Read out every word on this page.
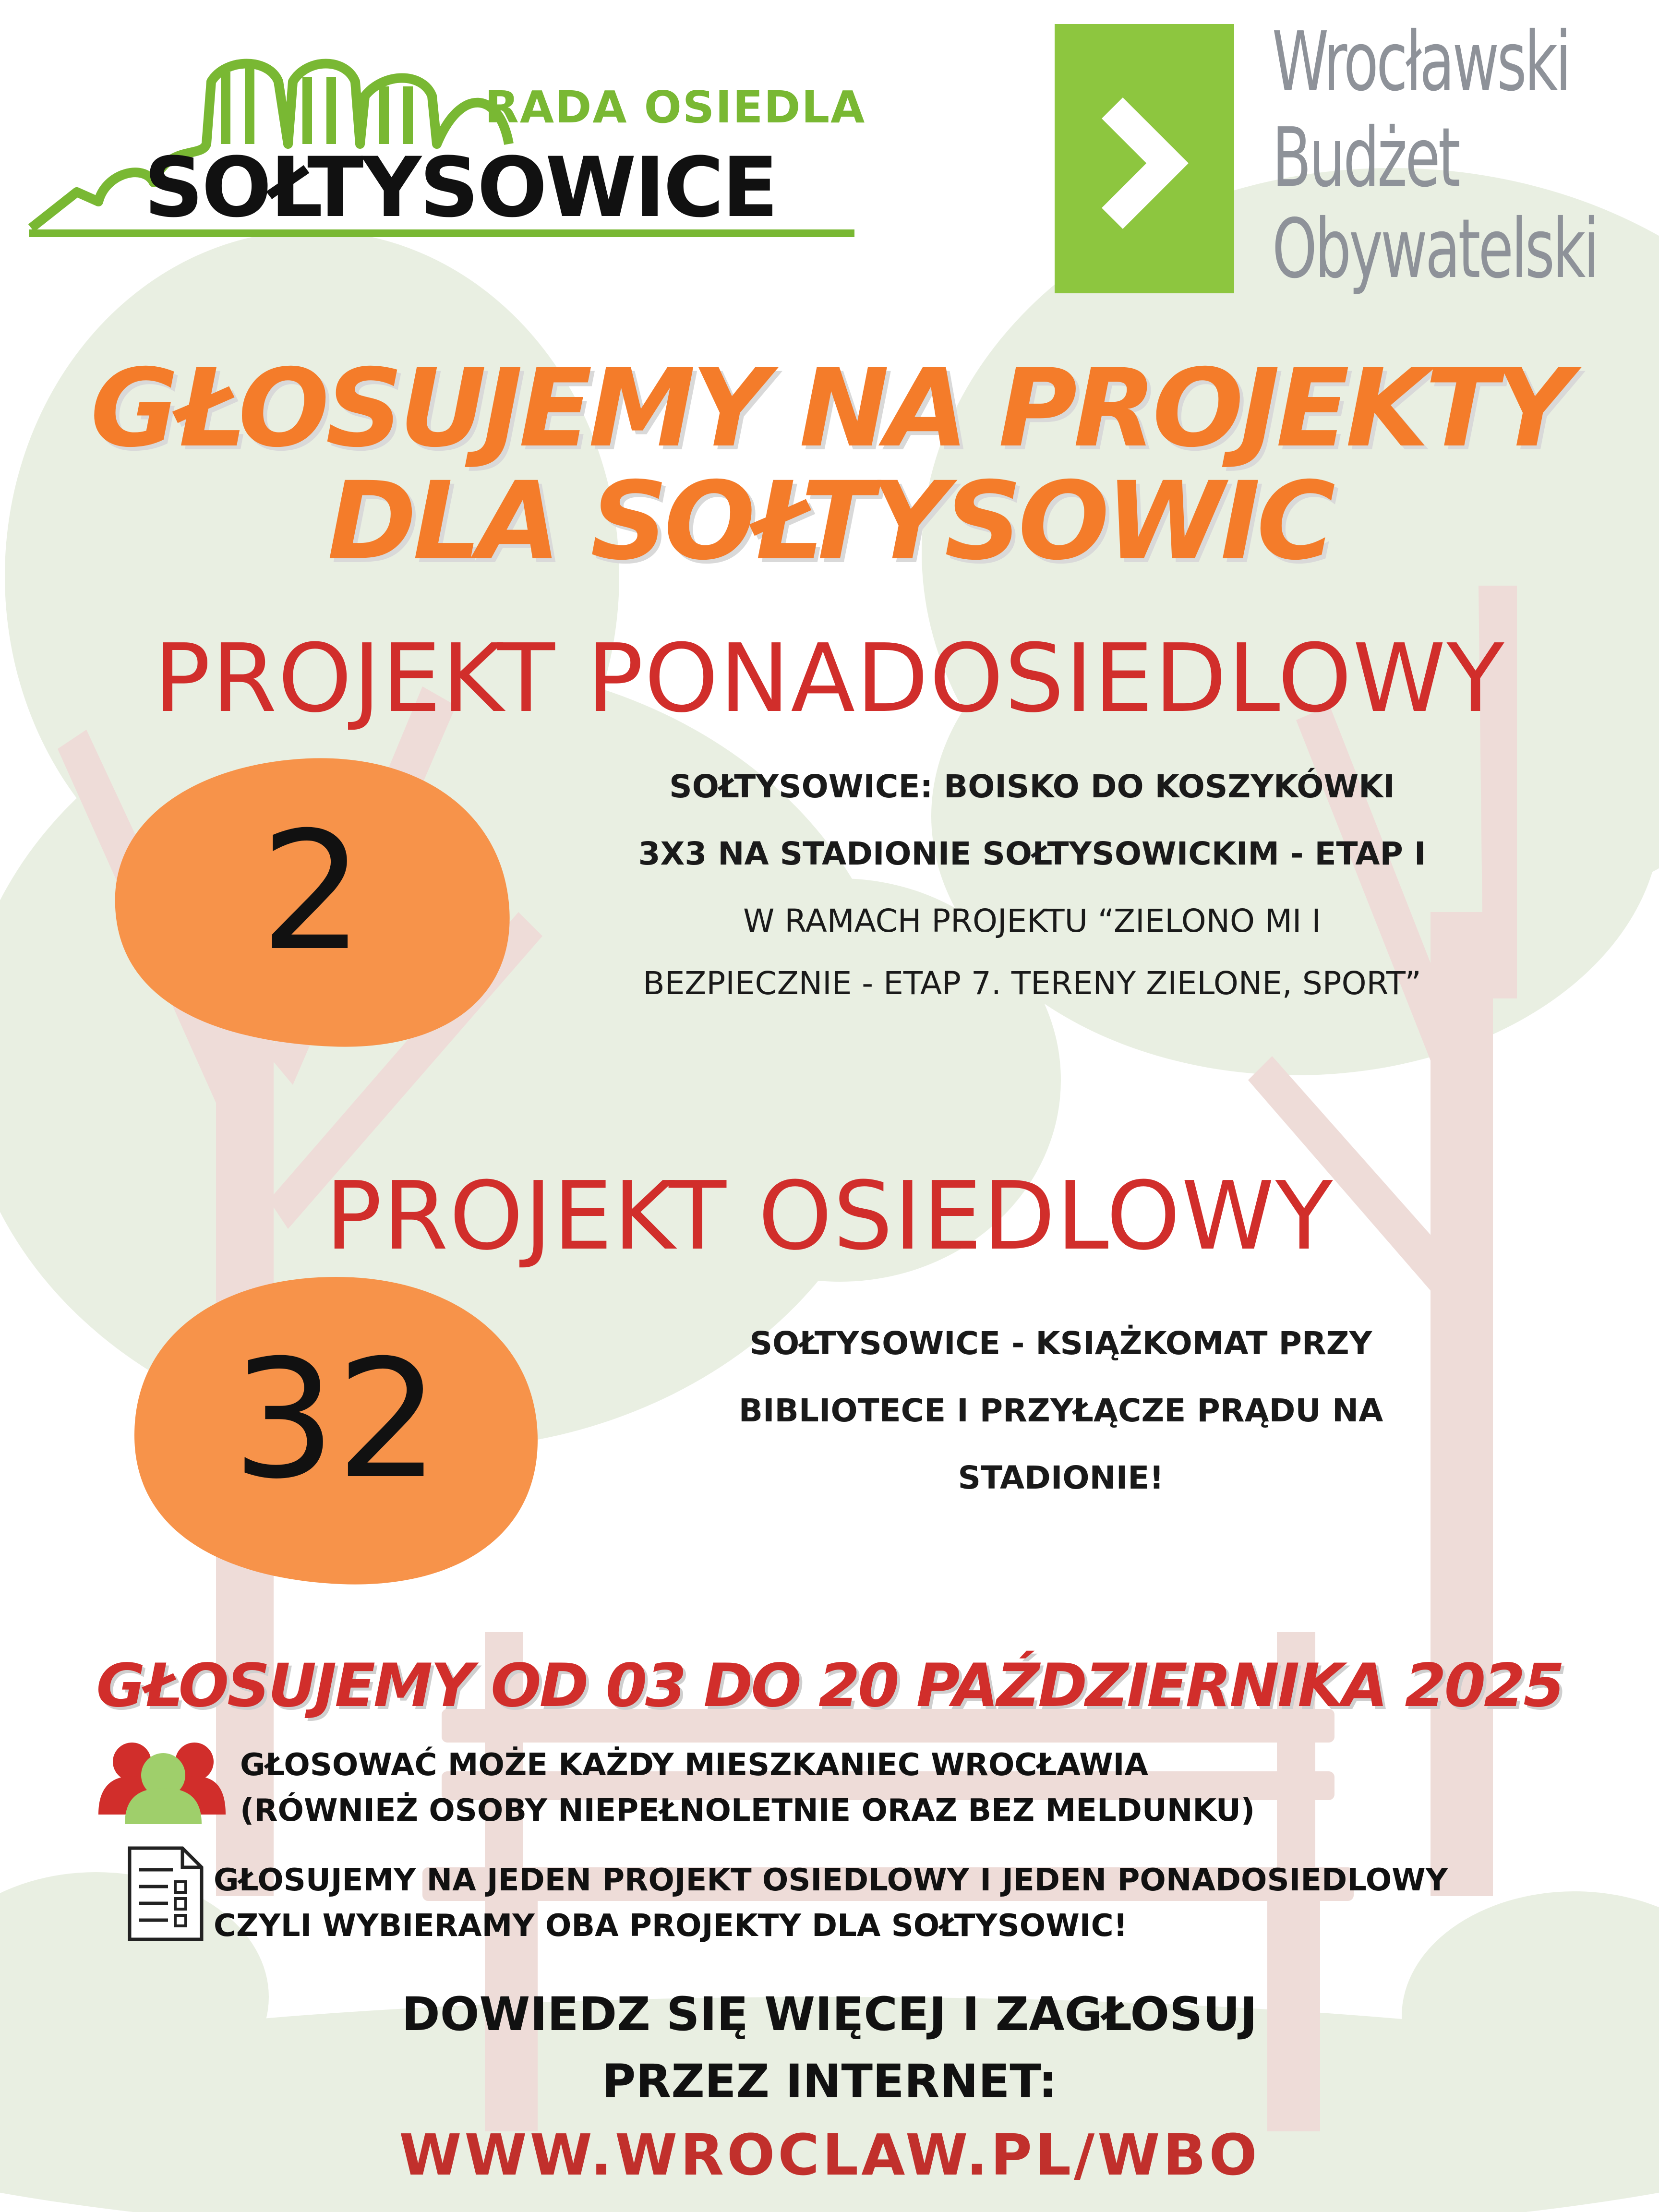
RADA OSIEDLA
SOŁTYSOWICE
Wrocławski
Budżet
Obywatelski
GŁOSUJEMY NA PROJEKTY
DLA SOŁTYSOWIC
PROJEKT PONADOSIEDLOWY
2
SOŁTYSOWICE: BOISKO DO KOSZYKÓWKI
3X3 NA STADIONIE SOŁTYSOWICKIM - ETAP I
W RAMACH PROJEKTU “ZIELONO MI I
BEZPIECZNIE - ETAP 7. TERENY ZIELONE, SPORT”
PROJEKT OSIEDLOWY
32	SOŁTYSOWICE - KSIĄŻKOMAT PRZY
BIBLIOTECE I PRZYŁĄCZE PRĄDU NA
STADIONIE!
GŁOSUJEMY OD 03 DO 20 PAŹDZIERNIKA 2025
GŁOSOWAĆ MOŻE KAŻDY MIESZKANIEC WROCŁAWIA
(RÓWNIEŻ OSOBY NIEPEŁNOLETNIE ORAZ BEZ MELDUNKU)
GŁOSUJEMY NA JEDEN PROJEKT OSIEDLOWY I JEDEN PONADOSIEDLOWY
CZYLI WYBIERAMY OBA PROJEKTY DLA SOŁTYSOWIC!
DOWIEDZ SIĘ WIĘCEJ I ZAGŁOSUJ
PRZEZ INTERNET:
WWW.WROCLAW.PL/WBO
